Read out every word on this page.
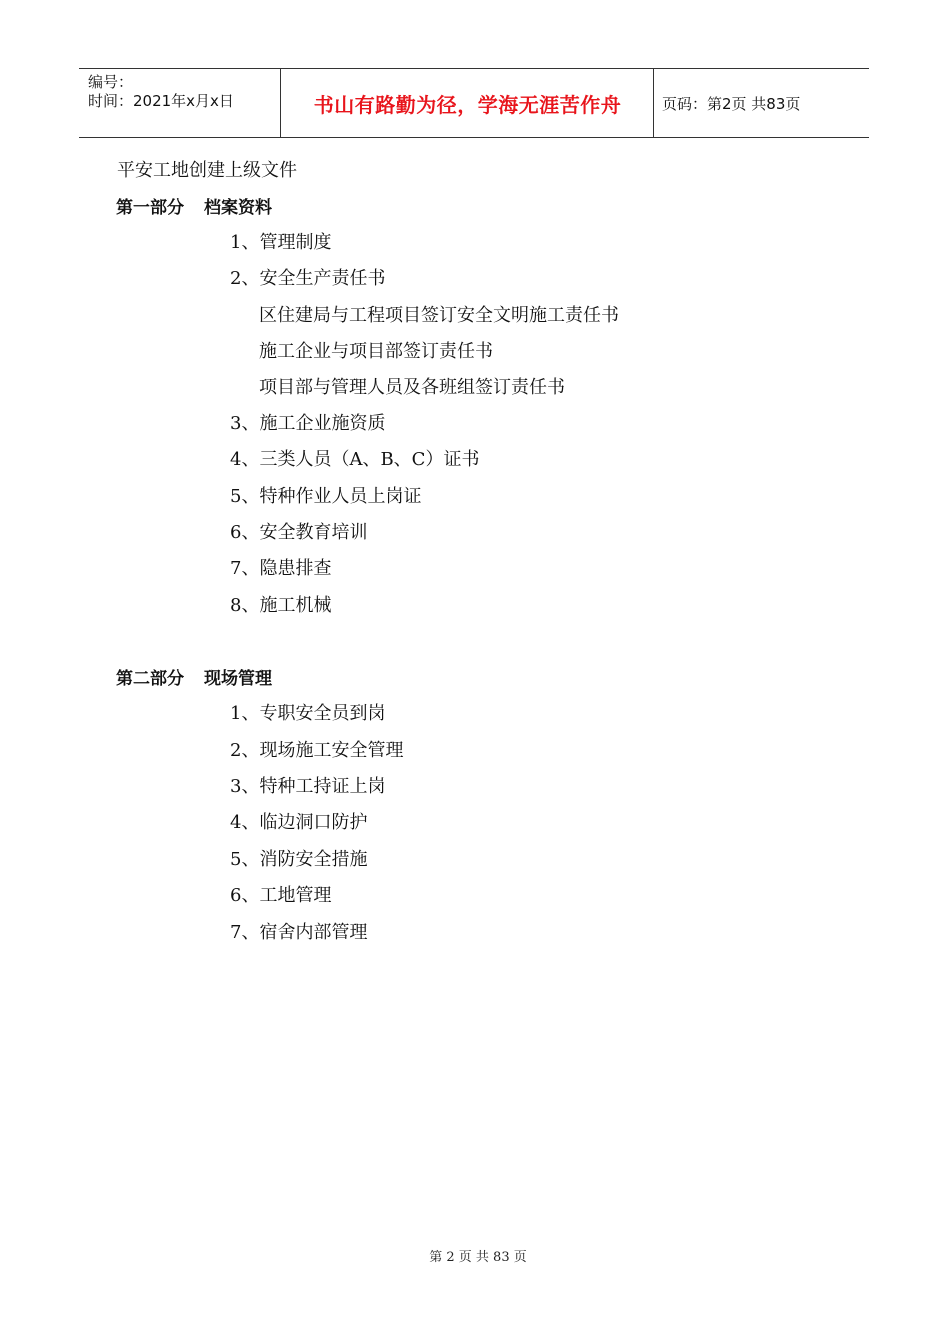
编号：
时间：2021年x月x日	书山有路勤为径，学海无涯苦作舟	页码：第2页 共83页
平安工地创建上级文件
第一部分 档案资料
1、管理制度
2、安全生产责任书
区住建局与工程项目签订安全文明施工责任书
施工企业与项目部签订责任书
项目部与管理人员及各班组签订责任书
3、施工企业施资质
4、三类人员（A、B、C）证书
5、特种作业人员上岗证
6、安全教育培训
7、隐患排查
8、施工机械
第二部分 现场管理
1、专职安全员到岗
2、现场施工安全管理
3、特种工持证上岗
4、临边洞口防护
5、消防安全措施
6、工地管理
7、宿舍内部管理
第 2 页 共 83 页
